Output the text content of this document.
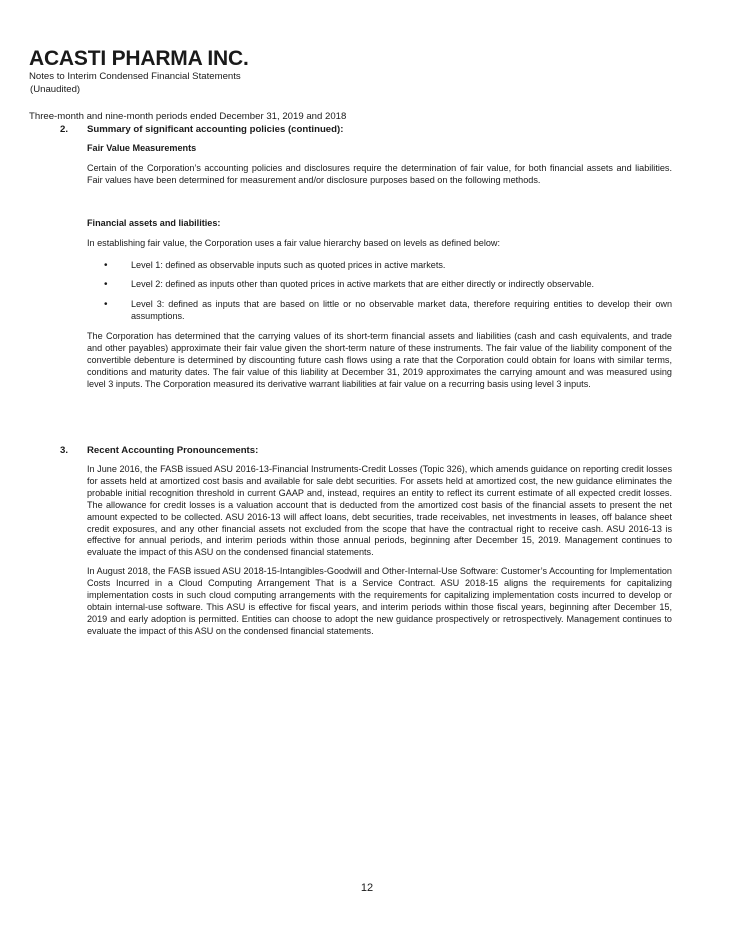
ACASTI PHARMA INC.
Notes to Interim Condensed Financial Statements
(Unaudited)
Three-month and nine-month periods ended December 31, 2019 and 2018
2. Summary of significant accounting policies (continued):

Fair Value Measurements

Certain of the Corporation’s accounting policies and disclosures require the determination of fair value, for both financial assets and liabilities. Fair values have been determined for measurement and/or disclosure purposes based on the following methods.

Financial assets and liabilities:

In establishing fair value, the Corporation uses a fair value hierarchy based on levels as defined below:

•	Level 1: defined as observable inputs such as quoted prices in active markets.
•	Level 2: defined as inputs other than quoted prices in active markets that are either directly or indirectly observable.
•	Level 3: defined as inputs that are based on little or no observable market data, therefore requiring entities to develop their own assumptions.

The Corporation has determined that the carrying values of its short-term financial assets and liabilities (cash and cash equivalents, and trade and other payables) approximate their fair value given the short-term nature of these instruments. The fair value of the liability component of the convertible debenture is determined by discounting future cash flows using a rate that the Corporation could obtain for loans with similar terms, conditions and maturity dates. The fair value of this liability at December 31, 2019 approximates the carrying amount and was measured using level 3 inputs. The Corporation measured its derivative warrant liabilities at fair value on a recurring basis using level 3 inputs.

3. Recent Accounting Pronouncements:

In June 2016, the FASB issued ASU 2016-13-Financial Instruments-Credit Losses (Topic 326), which amends guidance on reporting credit losses for assets held at amortized cost basis and available for sale debt securities. For assets held at amortized cost, the new guidance eliminates the probable initial recognition threshold in current GAAP and, instead, requires an entity to reflect its current estimate of all expected credit losses. The allowance for credit losses is a valuation account that is deducted from the amortized cost basis of the financial assets to present the net amount expected to be collected. ASU 2016-13 will affect loans, debt securities, trade receivables, net investments in leases, off balance sheet credit exposures, and any other financial assets not excluded from the scope that have the contractual right to receive cash. ASU 2016-13 is effective for annual periods, and interim periods within those annual periods, beginning after December 15, 2019. Management continues to evaluate the impact of this ASU on the condensed financial statements.

In August 2018, the FASB issued ASU 2018-15-Intangibles-Goodwill and Other-Internal-Use Software: Customer’s Accounting for Implementation Costs Incurred in a Cloud Computing Arrangement That is a Service Contract. ASU 2018-15 aligns the requirements for capitalizing implementation costs in such cloud computing arrangements with the requirements for capitalizing implementation costs incurred to develop or obtain internal-use software. This ASU is effective for fiscal years, and interim periods within those fiscal years, beginning after December 15, 2019 and early adoption is permitted. Entities can choose to adopt the new guidance prospectively or retrospectively. Management continues to evaluate the impact of this ASU on the condensed financial statements.

12
